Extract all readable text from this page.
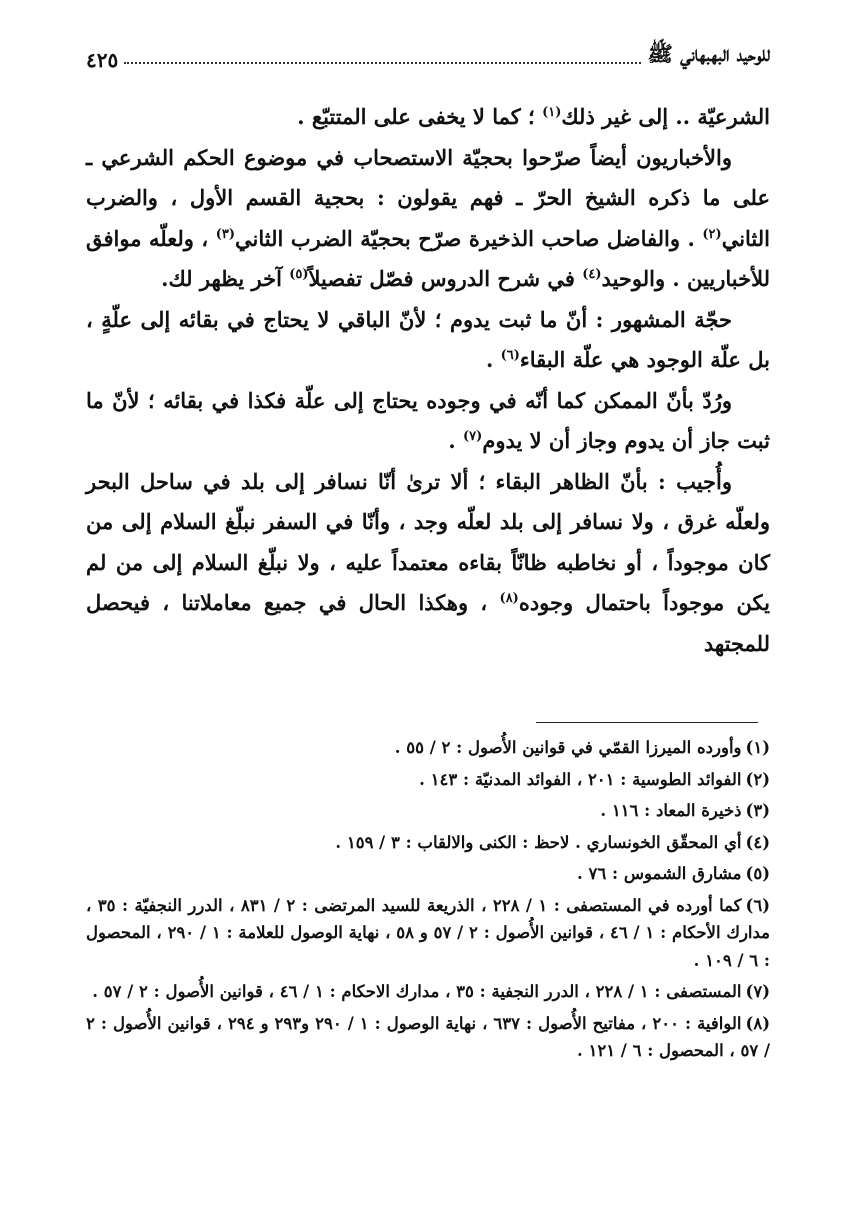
للوحيد البهبهاني ﷺ
٤٢٥

الشرعيّة .. إلى غير ذلك$^{(١)}$ ؛ كما لا يخفى على المتتبّع .

والأخباريون أيضاً صرّحوا بحجيّة الاستصحاب في موضوع الحكم الشرعي ـ على ما ذكره الشيخ الحرّ ـ فهم يقولون : بحجية القسم الأول ، والضرب الثاني$^{(٢)}$ . والفاضل صاحب الذخيرة صرّح بحجيّة الضرب الثاني$^{(٣)}$ ، ولعلّه موافق للأخباريين . والوحيد$^{(٤)}$ في شرح الدروس فصّل تفصيلاً$^{(٥)}$ آخر يظهر لك.

حجّة المشهور : أنّ ما ثبت يدوم ؛ لأنّ الباقي لا يحتاج في بقائه إلى علّةٍ ، بل علّة الوجود هي علّة البقاء$^{(٦)}$ .

ورُدّ بأنّ الممكن كما أنّه في وجوده يحتاج إلى علّة فكذا في بقائه ؛ لأنّ ما ثبت جاز أن يدوم وجاز أن لا يدوم$^{(٧)}$ .

وأُجيب : بأنّ الظاهر البقاء ؛ ألا ترىٰ أنّا نسافر إلى بلد في ساحل البحر ولعلّه غرق ، ولا نسافر إلى بلد لعلّه وجد ، وأنّا في السفر نبلّغ السلام إلى من كان موجوداً ، أو نخاطبه ظانّاً بقاءه معتمداً عليه ، ولا نبلّغ السلام إلى من لم يكن موجوداً باحتمال وجوده$^{(٨)}$ ، وهكذا الحال في جميع معاملاتنا ، فيحصل للمجتهد

(١)وأورده الميرزا القمّي في قوانين الأُصول : ٢ / ٥٥ .

(٢)الفوائد الطوسية : ٢٠١ ، الفوائد المدنيّة : ١٤٣ .

(٣)ذخيرة المعاد : ١١٦ .

(٤)أي المحقّق الخونساري . لاحظ : الكنى والالقاب : ٣ / ١٥٩ .

(٥)مشارق الشموس : ٧٦ .

(٦)كما أورده في المستصفى : ١ / ٢٢٨ ، الذريعة للسيد المرتضى : ٢ / ٨٣١ ، الدرر النجفيّة : ٣٥ ، مدارك الأحكام : ١ / ٤٦ ، قوانين الأُصول : ٢ / ٥٧ و ٥٨ ، نهاية الوصول للعلامة : ١ / ٢٩٠ ، المحصول : ٦ / ١٠٩ .

(٧)المستصفى : ١ / ٢٢٨ ، الدرر النجفية : ٣٥ ، مدارك الاحكام : ١ / ٤٦ ، قوانين الأُصول : ٢ / ٥٧ .

(٨)الوافية : ٢٠٠ ، مفاتيح الأُصول : ٦٣٧ ، نهاية الوصول : ١ / ٢٩٠ و٢٩٣ و ٢٩٤ ، قوانين الأُصول : ٢ / ٥٧ ، المحصول : ٦ / ١٢١ .
